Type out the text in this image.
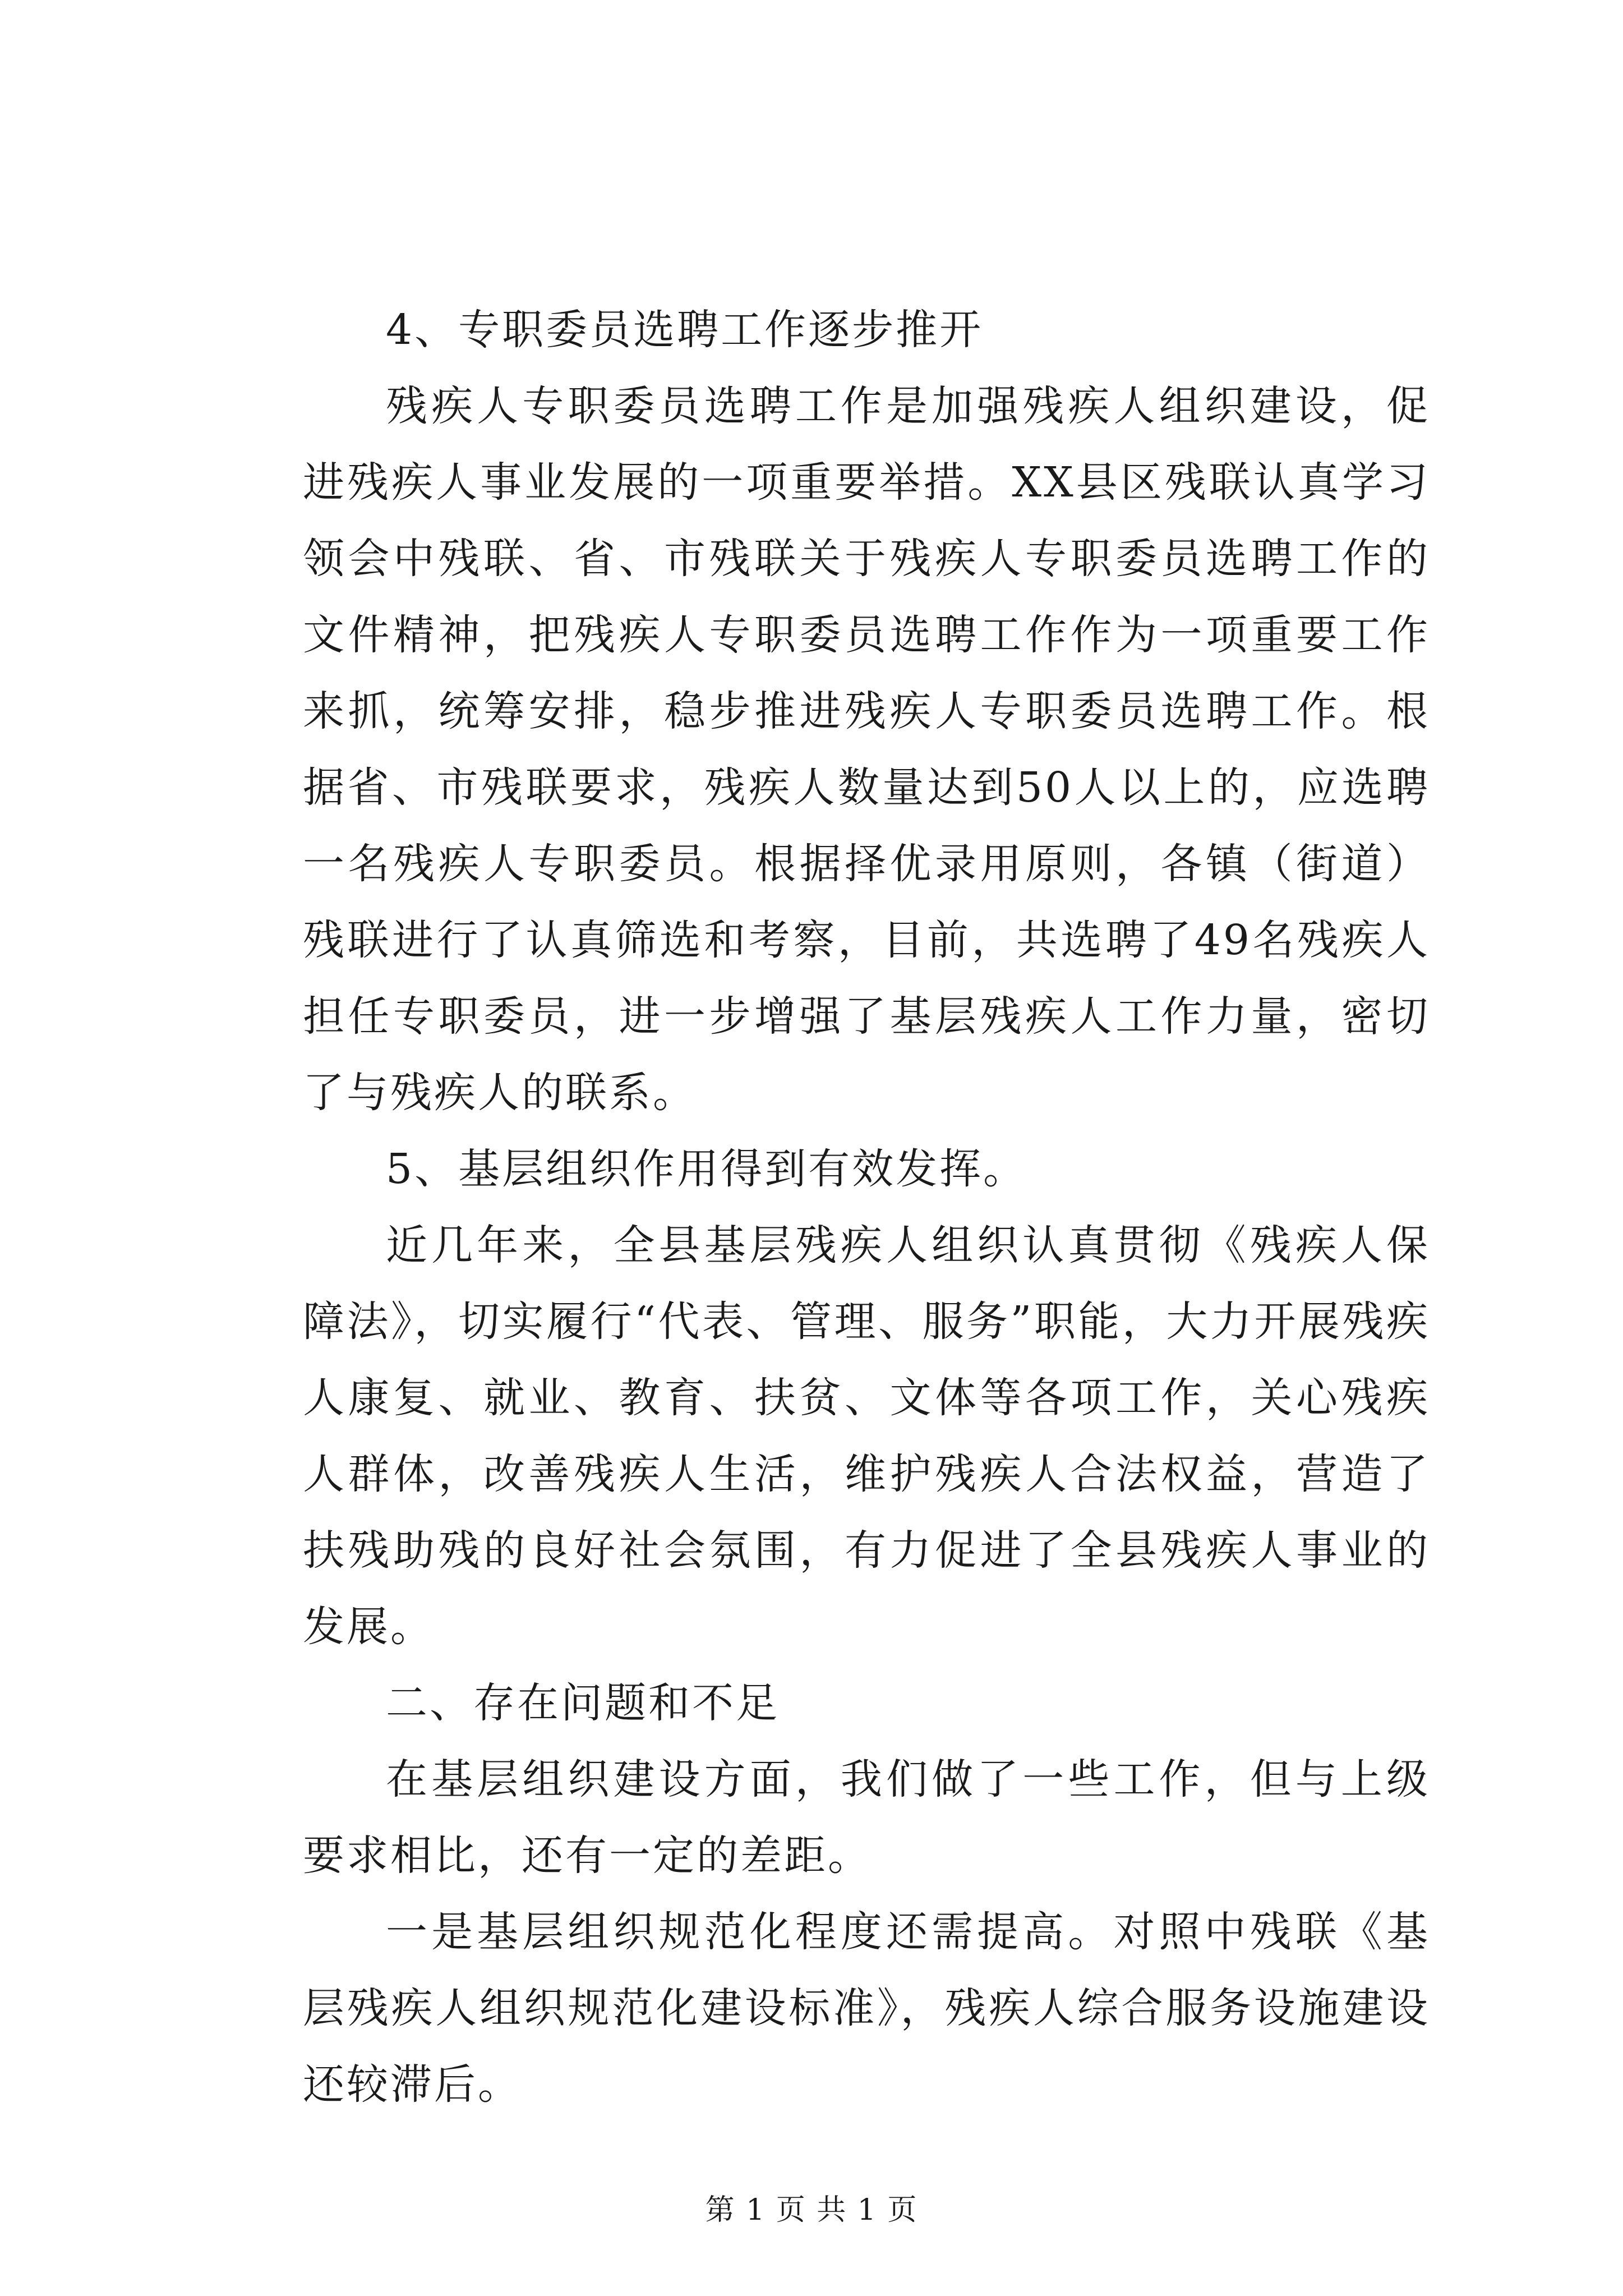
4、专职委员选聘工作逐步推开

残疾人专职委员选聘工作是加强残疾人组织建设，促进残疾人事业发展的一项重要举措。XX县区残联认真学习领会中残联、省、市残联关于残疾人专职委员选聘工作的文件精神，把残疾人专职委员选聘工作作为一项重要工作来抓，统筹安排，稳步推进残疾人专职委员选聘工作。根据省、市残联要求，残疾人数量达到50人以上的，应选聘一名残疾人专职委员。根据择优录用原则，各镇（街道）残联进行了认真筛选和考察，目前，共选聘了49名残疾人担任专职委员，进一步增强了基层残疾人工作力量，密切了与残疾人的联系。

5、基层组织作用得到有效发挥。

近几年来，全县基层残疾人组织认真贯彻《残疾人保障法》，切实履行“代表、管理、服务”职能，大力开展残疾人康复、就业、教育、扶贫、文体等各项工作，关心残疾人群体，改善残疾人生活，维护残疾人合法权益，营造了扶残助残的良好社会氛围，有力促进了全县残疾人事业的发展。

二、存在问题和不足

在基层组织建设方面，我们做了一些工作，但与上级要求相比，还有一定的差距。

一是基层组织规范化程度还需提高。对照中残联《基层残疾人组织规范化建设标准》，残疾人综合服务设施建设还较滞后。

第 1 页 共 1 页
